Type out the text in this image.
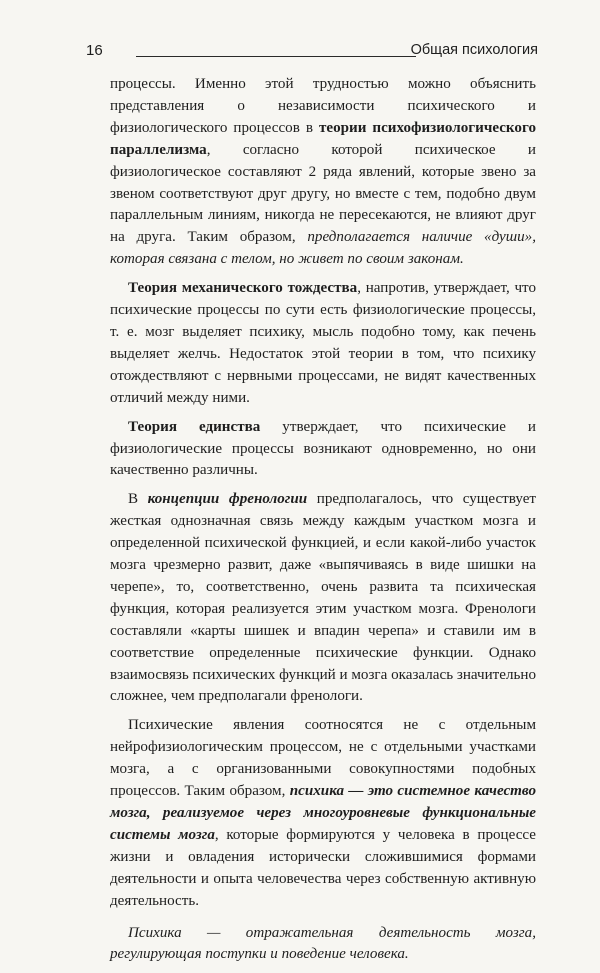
16	Общая психология

процессы. Именно этой трудностью можно объяснить представления о независимости психического и физиологического процессов в теории психофизиологического параллелизма, согласно которой психическое и физиологическое составляют 2 ряда явлений, которые звено за звеном соответствуют друг другу, но вместе с тем, подобно двум параллельным линиям, никогда не пересекаются, не влияют друг на друга. Таким образом, предполагается наличие «души», которая связана с телом, но живет по своим законам.

Теория механического тождества, напротив, утверждает, что психические процессы по сути есть физиологические процессы, т. е. мозг выделяет психику, мысль подобно тому, как печень выделяет желчь. Недостаток этой теории в том, что психику отождествляют с нервными процессами, не видят качественных отличий между ними.

Теория единства утверждает, что психические и физиологические процессы возникают одновременно, но они качественно различны.

В концепции френологии предполагалось, что существует жесткая однозначная связь между каждым участком мозга и определенной психической функцией, и если какой-либо участок мозга чрезмерно развит, даже «выпячиваясь в виде шишки на черепе», то, соответственно, очень развита та психическая функция, которая реализуется этим участком мозга. Френологи составляли «карты шишек и впадин черепа» и ставили им в соответствие определенные психические функции. Однако взаимосвязь психических функций и мозга оказалась значительно сложнее, чем предполагали френологи.

Психические явления соотносятся не с отдельным нейрофизиологическим процессом, не с отдельными участками мозга, а с организованными совокупностями подобных процессов. Таким образом, психика — это системное качество мозга, реализуемое через многоуровневые функциональные системы мозга, которые формируются у человека в процессе жизни и овладения исторически сложившимися формами деятельности и опыта человечества через собственную активную деятельность.

Психика — отражательная деятельность мозга, регулирующая поступки и поведение человека.
